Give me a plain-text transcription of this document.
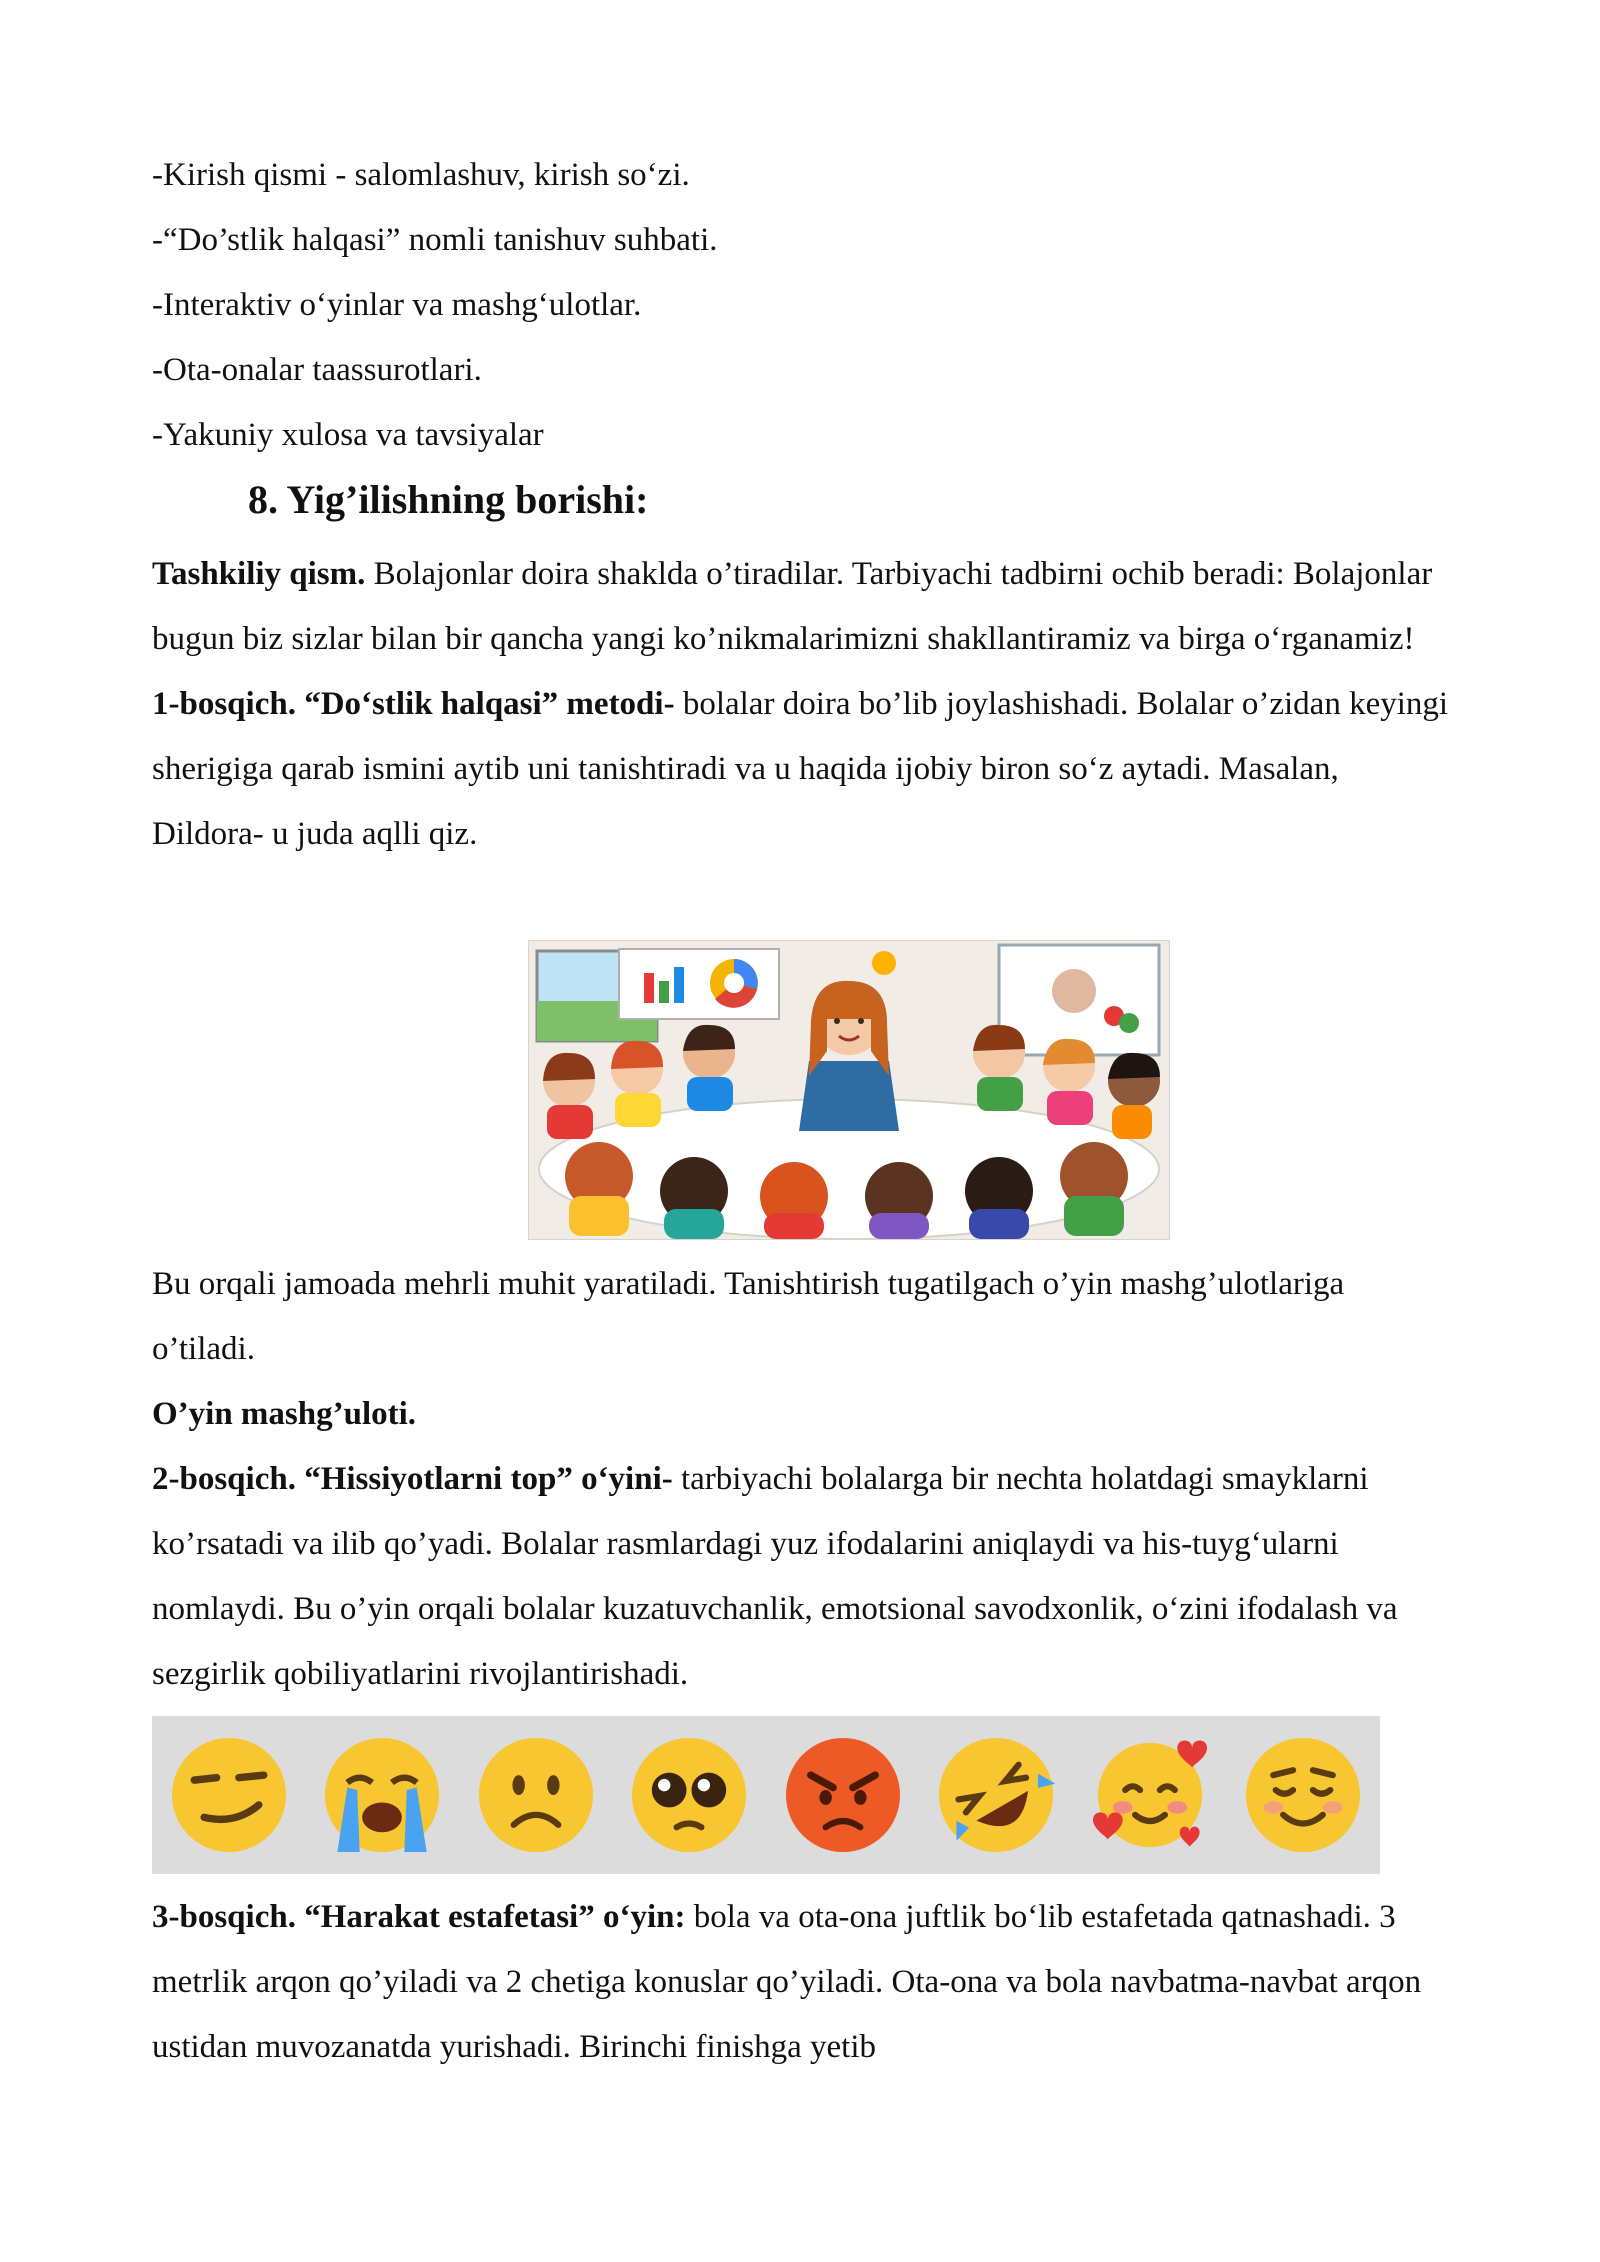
-Kirish qismi - salomlashuv, kirish so‘zi.
-“Do’stlik halqasi” nomli tanishuv suhbati.
-Interaktiv o‘yinlar va mashg‘ulotlar.
-Ota-onalar taassurotlari.
-Yakuniy xulosa va tavsiyalar
8. Yig’ilishning borishi:

Tashkiliy qism. Bolajonlar doira shaklda o’tiradilar. Tarbiyachi tadbirni ochib beradi: Bolajonlar bugun biz sizlar bilan bir qancha yangi ko’nikmalarimizni shakllantiramiz va birga o‘rganamiz!

1-bosqich. “Do‘stlik halqasi” metodi- bolalar doira bo’lib joylashishadi. Bolalar o’zidan keyingi sherigiga qarab ismini aytib uni tanishtiradi va u haqida ijobiy biron so‘z aytadi. Masalan, Dildora- u juda aqlli qiz.

Bu orqali jamoada mehrli muhit yaratiladi. Tanishtirish tugatilgach o’yin mashg’ulotlariga o’tiladi.

O’yin mashg’uloti.

2-bosqich. “Hissiyotlarni top” o‘yini- tarbiyachi bolalarga bir nechta holatdagi smayklarni ko’rsatadi va ilib qo’yadi. Bolalar rasmlardagi yuz ifodalarini aniqlaydi va his-tuyg‘ularni nomlaydi. Bu o’yin orqali bolalar kuzatuvchanlik, emotsional savodxonlik, o‘zini ifodalash va sezgirlik qobiliyatlarini rivojlantirishadi.

3-bosqich. “Harakat estafetasi” o‘yin: bola va ota-ona juftlik bo‘lib estafetada qatnashadi. 3 metrlik arqon qo’yiladi va 2 chetiga konuslar qo’yiladi. Ota-ona va bola navbatma-navbat arqon ustidan muvozanatda yurishadi. Birinchi finishga yetib
